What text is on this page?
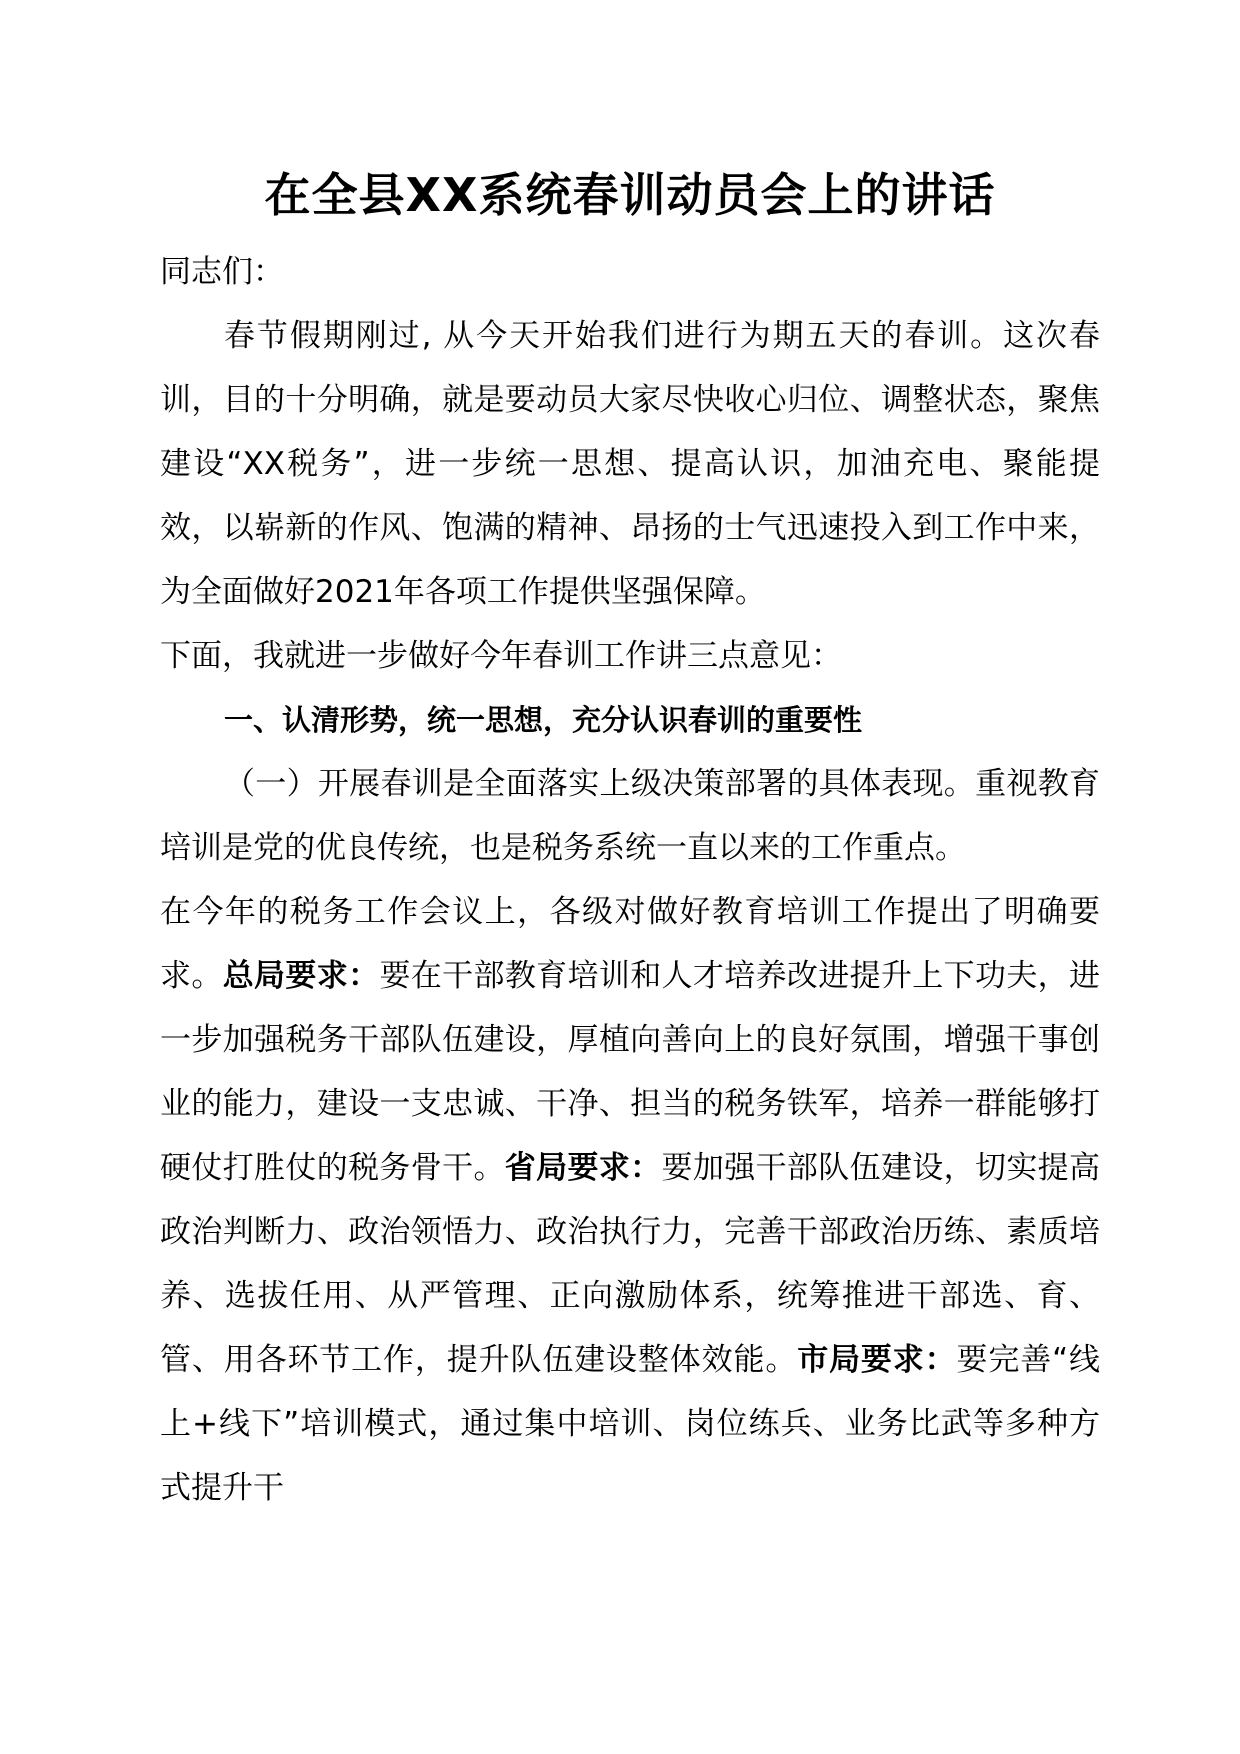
在全县XX系统春训动员会上的讲话

同志们：

春节假期刚过, 从今天开始我们进行为期五天的春训。这次春训，目的十分明确，就是要动员大家尽快收心归位、调整状态，聚焦建设“XX税务”，进一步统一思想、提高认识，加油充电、聚能提效，以崭新的作风、饱满的精神、昂扬的士气迅速投入到工作中来，为全面做好2021年各项工作提供坚强保障。

下面，我就进一步做好今年春训工作讲三点意见：

一、认清形势，统一思想，充分认识春训的重要性

（一）开展春训是全面落实上级决策部署的具体表现。重视教育培训是党的优良传统，也是税务系统一直以来的工作重点。

在今年的税务工作会议上，各级对做好教育培训工作提出了明确要求。总局要求：要在干部教育培训和人才培养改进提升上下功夫，进一步加强税务干部队伍建设，厚植向善向上的良好氛围，增强干事创业的能力，建设一支忠诚、干净、担当的税务铁军，培养一群能够打硬仗打胜仗的税务骨干。省局要求：要加强干部队伍建设，切实提高政治判断力、政治领悟力、政治执行力，完善干部政治历练、素质培养、选拔任用、从严管理、正向激励体系，统筹推进干部选、育、管、用各环节工作，提升队伍建设整体效能。市局要求：要完善“线上+线下”培训模式，通过集中培训、岗位练兵、业务比武等多种方式提升干
